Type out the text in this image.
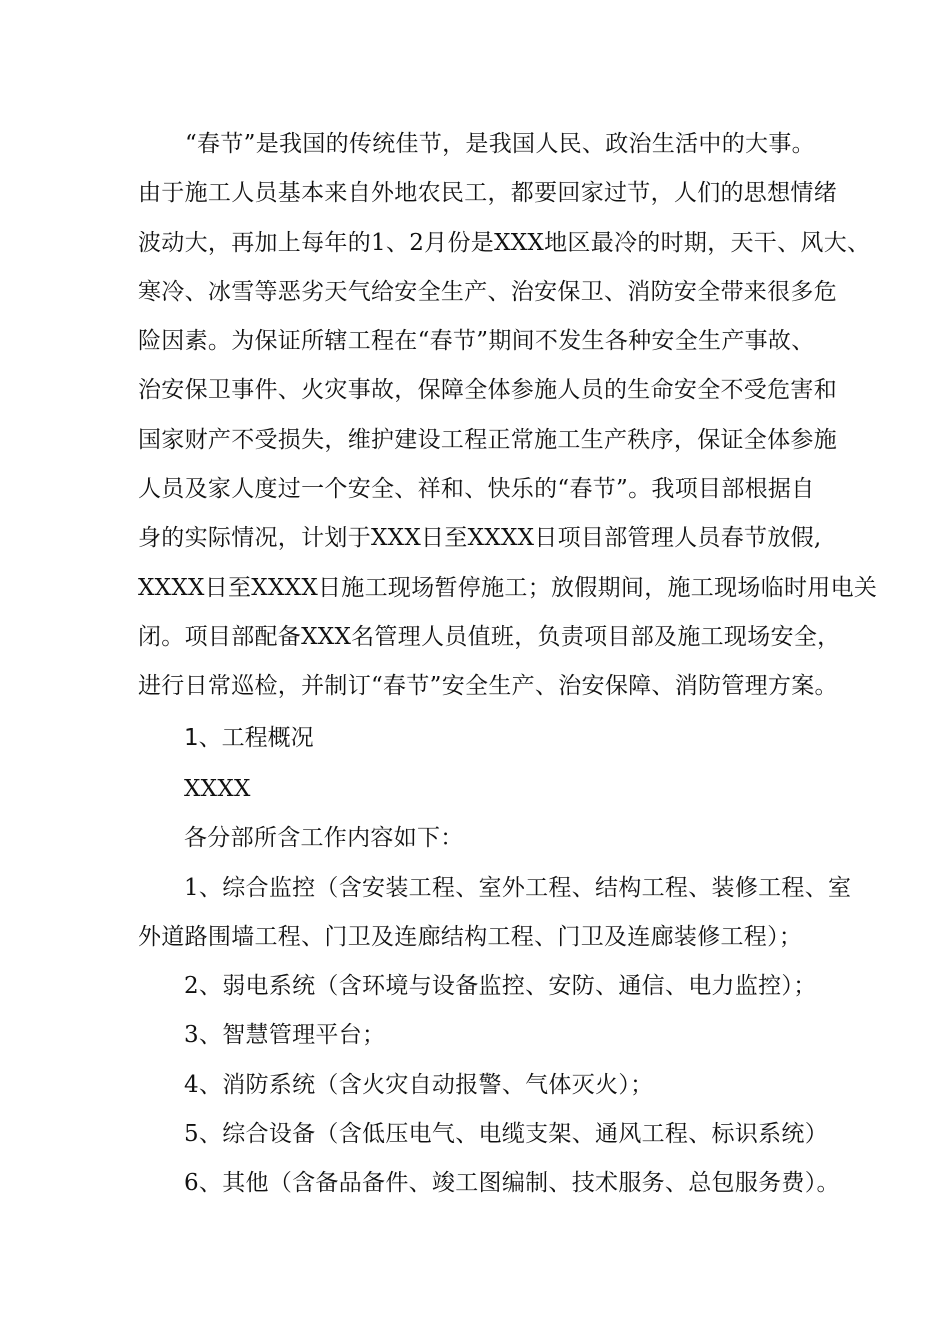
“春节”是我国的传统佳节，是我国人民、政治生活中的大事。
由于施工人员基本来自外地农民工，都要回家过节，人们的思想情绪
波动大，再加上每年的1、2月份是XXX地区最冷的时期，天干、风大、
寒冷、冰雪等恶劣天气给安全生产、治安保卫、消防安全带来很多危
险因素。为保证所辖工程在“春节”期间不发生各种安全生产事故、
治安保卫事件、火灾事故，保障全体参施人员的生命安全不受危害和
国家财产不受损失，维护建设工程正常施工生产秩序，保证全体参施
人员及家人度过一个安全、祥和、快乐的“春节”。我项目部根据自
身的实际情况，计划于XXX日至XXXX日项目部管理人员春节放假,
XXXX日至XXXX日施工现场暂停施工；放假期间，施工现场临时用电关
闭。项目部配备XXX名管理人员值班，负责项目部及施工现场安全，
进行日常巡检，并制订“春节”安全生产、治安保障、消防管理方案。
1、工程概况
XXXX
各分部所含工作内容如下：
1、综合监控（含安装工程、室外工程、结构工程、装修工程、室
外道路围墙工程、门卫及连廊结构工程、门卫及连廊装修工程）；
2、弱电系统（含环境与设备监控、安防、通信、电力监控）；
3、智慧管理平台；
4、消防系统（含火灾自动报警、气体灭火）；
5、综合设备（含低压电气、电缆支架、通风工程、标识系统）
6、其他（含备品备件、竣工图编制、技术服务、总包服务费）。
